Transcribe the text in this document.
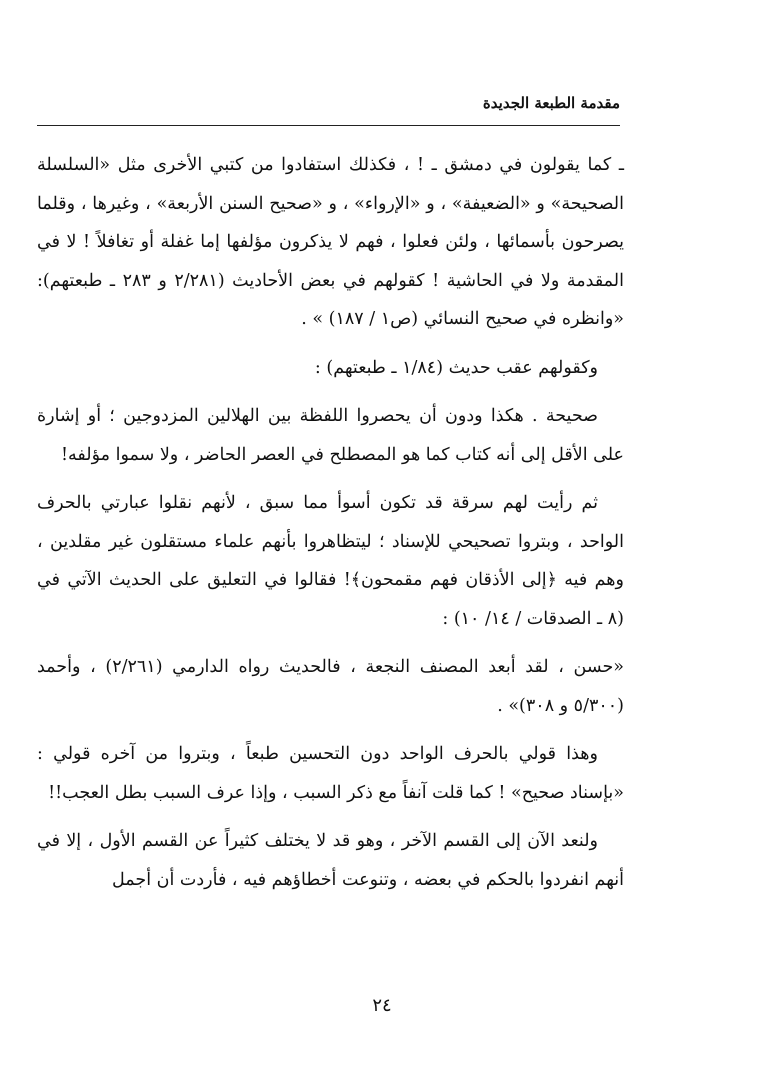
مقدمة الطبعة الجديدة

ـ كما يقولون في دمشق ـ ! ، فكذلك استفادوا من كتبي الأخرى مثل «السلسلة الصحيحة» و «الضعيفة» ، و «الإرواء» ، و «صحيح السنن الأربعة» ، وغيرها ، وقلما يصرحون بأسمائها ، ولئن فعلوا ، فهم لا يذكرون مؤلفها إما غفلة أو تغافلاً ! لا في المقدمة ولا في الحاشية ! كقولهم في بعض الأحاديث (٢/٢٨١ و ٢٨٣ ـ طبعتهم): «وانظره في صحيح النسائي (ص١ / ١٨٧) » .

وكقولهم عقب حديث (١/٨٤ ـ طبعتهم) :

صحيحة . هكذا ودون أن يحصروا اللفظة بين الهلالين المزدوجين ؛ أو إشارة على الأقل إلى أنه كتاب كما هو المصطلح في العصر الحاضر ، ولا سموا مؤلفه!

ثم رأيت لهم سرقة قد تكون أسوأ مما سبق ، لأنهم نقلوا عبارتي بالحرف الواحد ، وبتروا تصحيحي للإسناد ؛ ليتظاهروا بأنهم علماء مستقلون غير مقلدين ، وهم فيه ﴿إلى الأذقان فهم مقمحون﴾! فقالوا في التعليق على الحديث الآتي في (٨ ـ الصدقات / ١٤/ ١٠) :

«حسن ، لقد أبعد المصنف النجعة ، فالحديث رواه الدارمي (٢/٢٦١) ، وأحمد (٥/٣٠٠ و ٣٠٨)» .

وهذا قولي بالحرف الواحد دون التحسين طبعاً ، وبتروا من آخره قولي : «بإسناد صحيح» ! كما قلت آنفاً مع ذكر السبب ، وإذا عرف السبب بطل العجب!!

ولنعد الآن إلى القسم الآخر ، وهو قد لا يختلف كثيراً عن القسم الأول ، إلا في أنهم انفردوا بالحكم في بعضه ، وتنوعت أخطاؤهم فيه ، فأردت أن أجمل

٢٤
